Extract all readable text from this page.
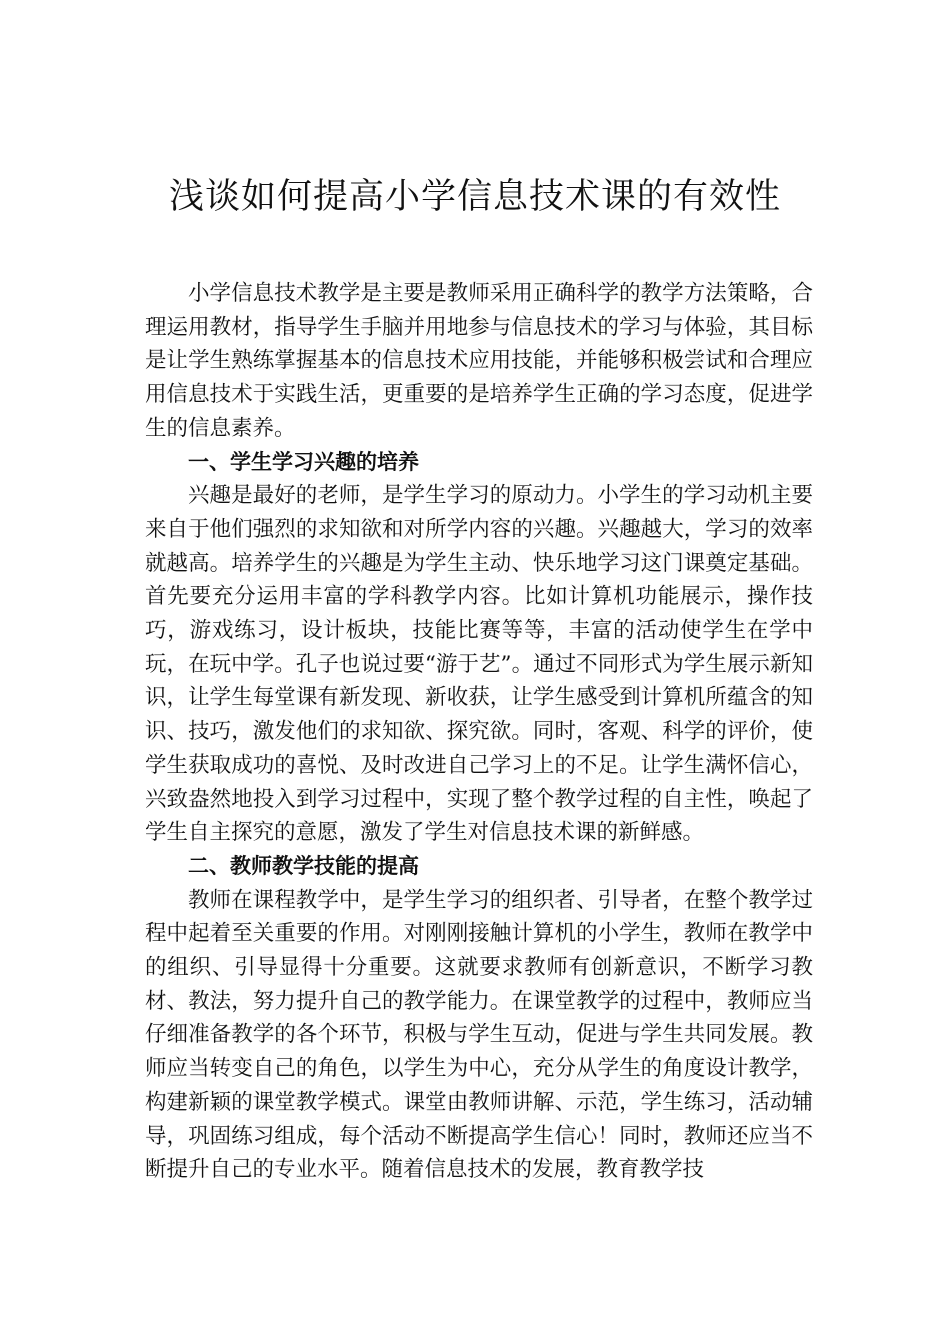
浅谈如何提高小学信息技术课的有效性

小学信息技术教学是主要是教师采用正确科学的教学方法策略，合理运用教材，指导学生手脑并用地参与信息技术的学习与体验，其目标是让学生熟练掌握基本的信息技术应用技能，并能够积极尝试和合理应用信息技术于实践生活，更重要的是培养学生正确的学习态度，促进学生的信息素养。

一、学生学习兴趣的培养

兴趣是最好的老师，是学生学习的原动力。小学生的学习动机主要来自于他们强烈的求知欲和对所学内容的兴趣。兴趣越大，学习的效率就越高。培养学生的兴趣是为学生主动、快乐地学习这门课奠定基础。首先要充分运用丰富的学科教学内容。比如计算机功能展示，操作技巧，游戏练习，设计板块，技能比赛等等，丰富的活动使学生在学中玩，在玩中学。孔子也说过要“游于艺”。通过不同形式为学生展示新知识，让学生每堂课有新发现、新收获，让学生感受到计算机所蕴含的知识、技巧，激发他们的求知欲、探究欲。同时，客观、科学的评价，使学生获取成功的喜悦、及时改进自己学习上的不足。让学生满怀信心，兴致盎然地投入到学习过程中，实现了整个教学过程的自主性，唤起了学生自主探究的意愿，激发了学生对信息技术课的新鲜感。

二、教师教学技能的提高

教师在课程教学中，是学生学习的组织者、引导者，在整个教学过程中起着至关重要的作用。对刚刚接触计算机的小学生，教师在教学中的组织、引导显得十分重要。这就要求教师有创新意识，不断学习教材、教法，努力提升自己的教学能力。在课堂教学的过程中，教师应当仔细准备教学的各个环节，积极与学生互动，促进与学生共同发展。教师应当转变自己的角色，以学生为中心，充分从学生的角度设计教学，构建新颖的课堂教学模式。课堂由教师讲解、示范，学生练习，活动辅导，巩固练习组成，每个活动不断提高学生信心！同时，教师还应当不断提升自己的专业水平。随着信息技术的发展，教育教学技
